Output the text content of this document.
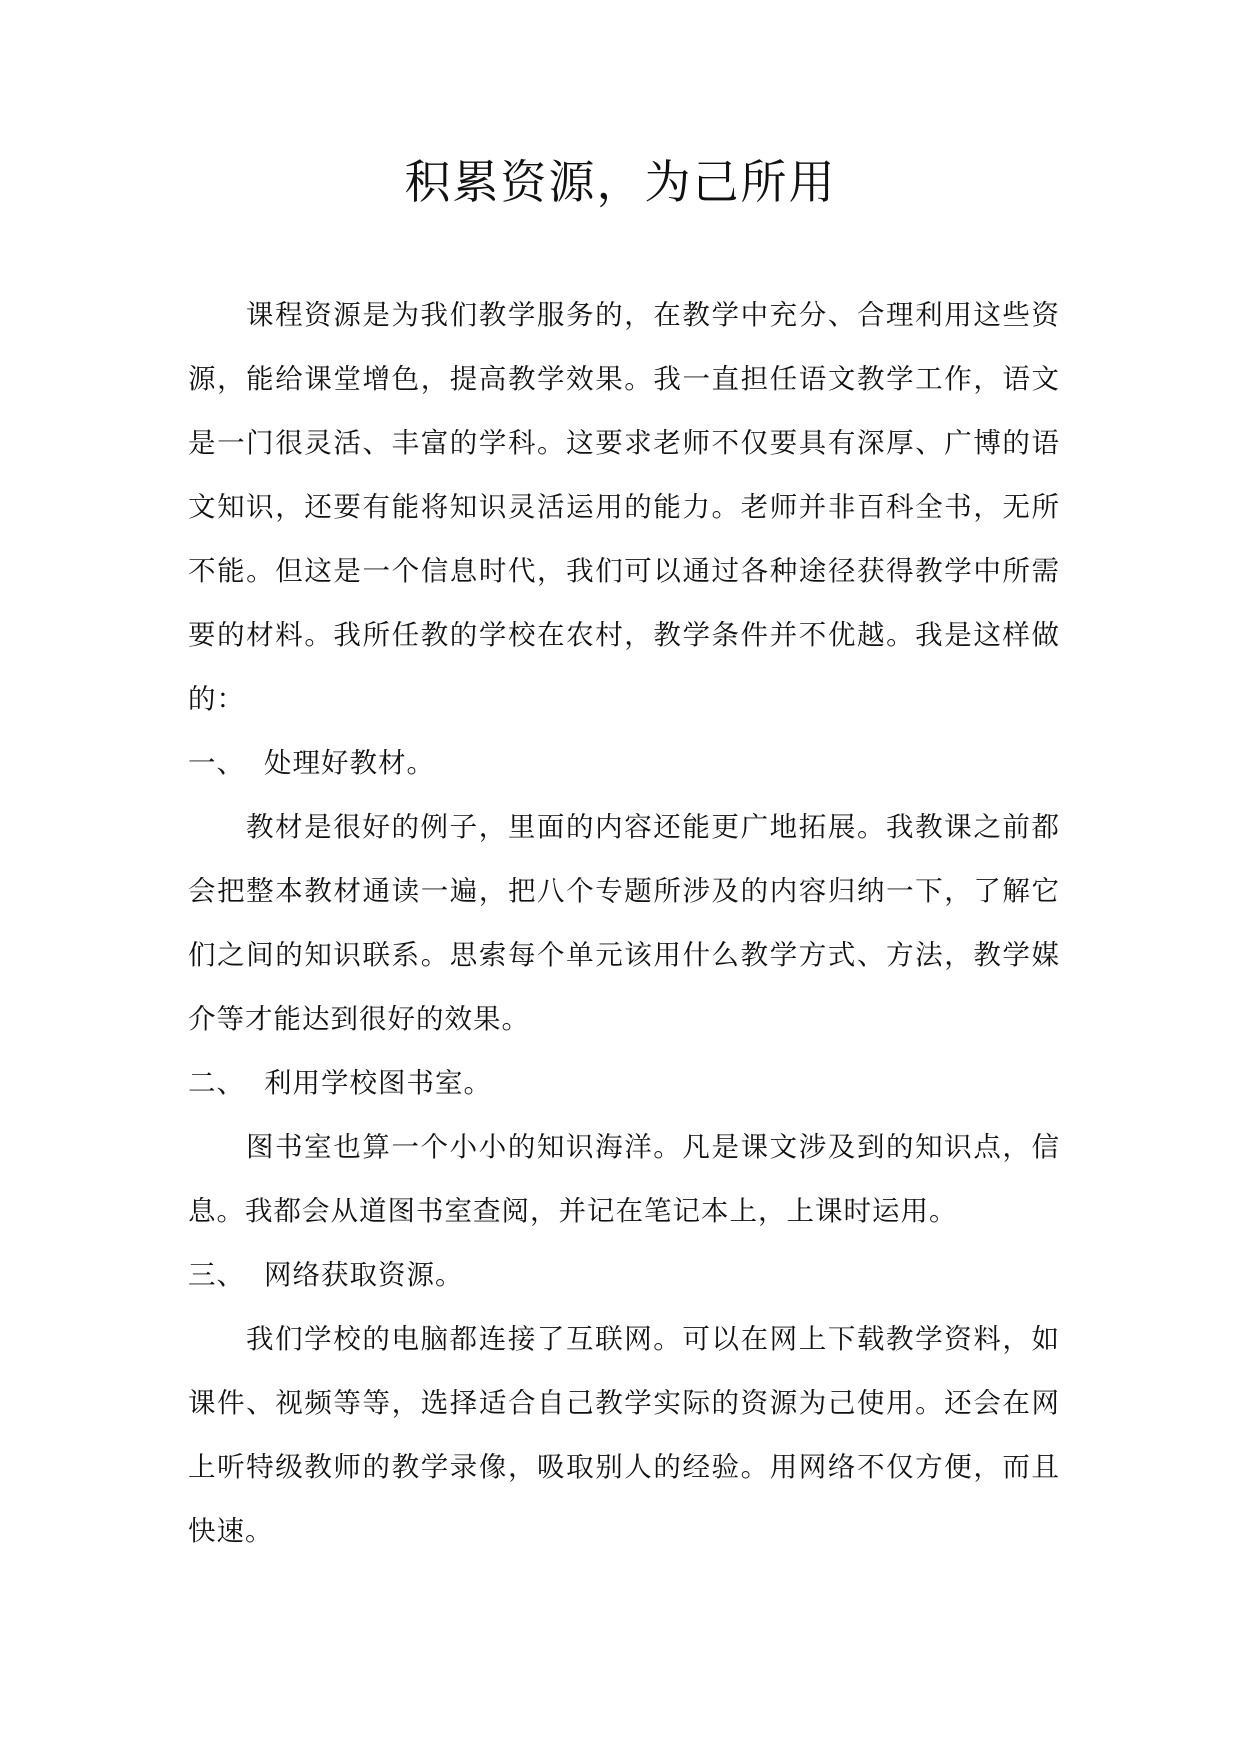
积累资源，为己所用

课程资源是为我们教学服务的，在教学中充分、合理利用这些资源，能给课堂增色，提高教学效果。我一直担任语文教学工作，语文是一门很灵活、丰富的学科。这要求老师不仅要具有深厚、广博的语文知识，还要有能将知识灵活运用的能力。老师并非百科全书，无所不能。但这是一个信息时代，我们可以通过各种途径获得教学中所需要的材料。我所任教的学校在农村，教学条件并不优越。我是这样做的：

一、 处理好教材。

教材是很好的例子，里面的内容还能更广地拓展。我教课之前都会把整本教材通读一遍，把八个专题所涉及的内容归纳一下，了解它们之间的知识联系。思索每个单元该用什么教学方式、方法，教学媒介等才能达到很好的效果。

二、 利用学校图书室。

图书室也算一个小小的知识海洋。凡是课文涉及到的知识点，信息。我都会从道图书室查阅，并记在笔记本上，上课时运用。

三、 网络获取资源。

我们学校的电脑都连接了互联网。可以在网上下载教学资料，如课件、视频等等，选择适合自己教学实际的资源为己使用。还会在网上听特级教师的教学录像，吸取别人的经验。用网络不仅方便，而且快速。
